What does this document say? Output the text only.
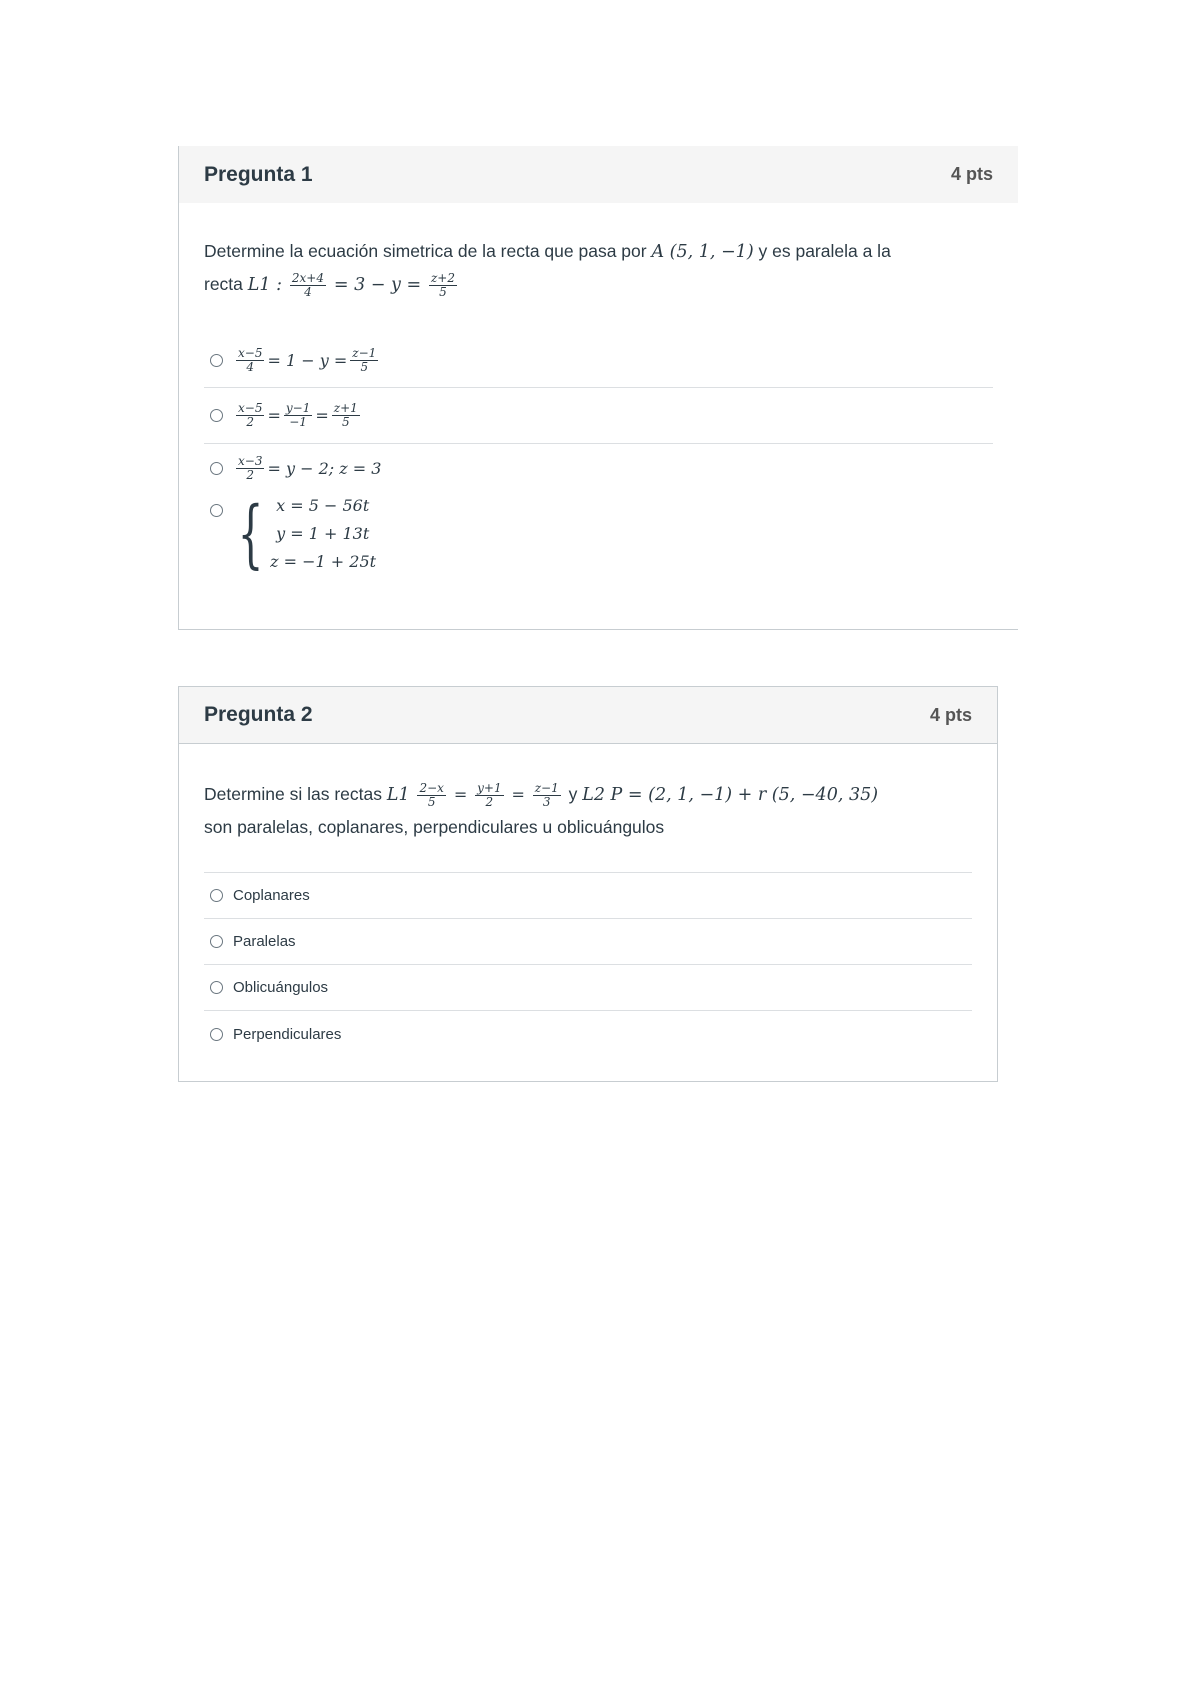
Pregunta 1	4 pts
Determine la ecuación simetrica de la recta que pasa por A (5, 1, −1) y es paralela a la
recta L1 : $\frac{2x+4}{4} = 3 - y = \frac{z+2}{5}$
$\frac{x-5}{4} = 1 - y = \frac{z-1}{5}$
$\frac{x-5}{2} = \frac{y-1}{-1} = \frac{z+1}{5}$
$\frac{x-3}{2} = y - 2$; z = 3
{ x = 5 − 56t
y = 1 + 13t
z = −1 + 25t
Pregunta 2	4 pts
Determine si las rectas $L1 \frac{2-x}{5} = \frac{y+1}{2} = \frac{z-1}{3}$ y L2 P = (2, 1, −1) + r (5, −40, 35)
son paralelas, coplanares, perpendiculares u oblicuángulos
Coplanares
Paralelas
Oblicuángulos
Perpendiculares
